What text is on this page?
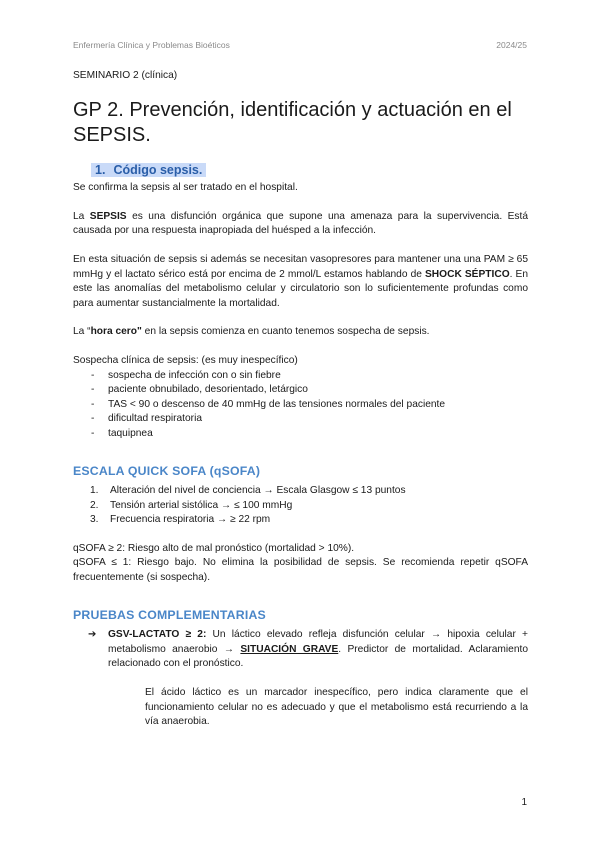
Enfermería Clínica y Problemas Bioéticos	2024/25
SEMINARIO 2 (clínica)
GP 2. Prevención, identificación y actuación en el SEPSIS.
1. Código sepsis.

Se confirma la sepsis al ser tratado en el hospital.

La SEPSIS es una disfunción orgánica que supone una amenaza para la supervivencia. Está causada por una respuesta inapropiada del huésped a la infección.

En esta situación de sepsis si además se necesitan vasopresores para mantener una una PAM ≥ 65 mmHg y el lactato sérico está por encima de 2 mmol/L estamos hablando de SHOCK SÉPTICO. En este las anomalías del metabolismo celular y circulatorio son lo suficientemente profundas como para aumentar sustancialmente la mortalidad.

La “hora cero" en la sepsis comienza en cuanto tenemos sospecha de sepsis.

Sospecha clínica de sepsis: (es muy inespecífico)

- sospecha de infección con o sin fiebre
- paciente obnubilado, desorientado, letárgico
- TAS < 90 o descenso de 40 mmHg de las tensiones normales del paciente
- dificultad respiratoria
- taquipnea
ESCALA QUICK SOFA (qSOFA)
1. Alteración del nivel de conciencia → Escala Glasgow ≤ 13 puntos
2. Tensión arterial sistólica → ≤ 100 mmHg
3. Frecuencia respiratoria → ≥ 22 rpm

qSOFA ≥ 2: Riesgo alto de mal pronóstico (mortalidad > 10%).

qSOFA ≤ 1: Riesgo bajo. No elimina la posibilidad de sepsis. Se recomienda repetir qSOFA frecuentemente (si sospecha).

PRUEBAS COMPLEMENTARIAS
➔ GSV-LACTATO ≥ 2: Un láctico elevado refleja disfunción celular → hipoxia celular + metabolismo anaerobio → SITUACIÓN GRAVE. Predictor de mortalidad. Aclaramiento relacionado con el pronóstico.
El ácido láctico es un marcador inespecífico, pero indica claramente que el funcionamiento celular no es adecuado y que el metabolismo está recurriendo a la vía anaerobia.
1
